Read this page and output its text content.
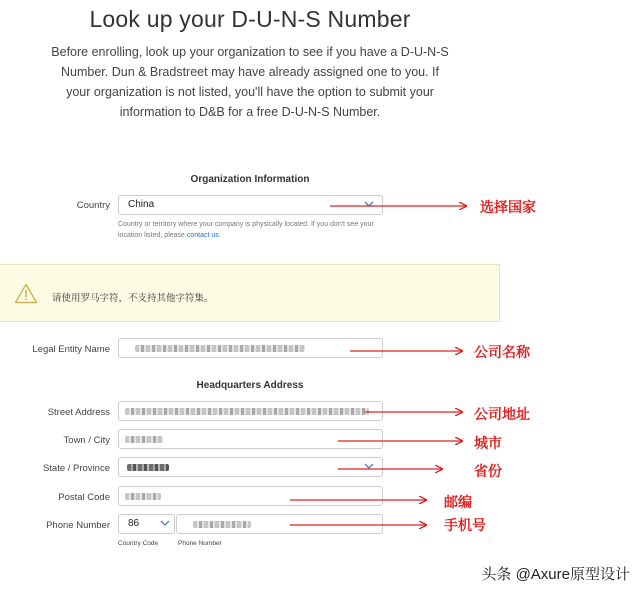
Look up your D-U-N-S Number
Before enrolling, look up your organization to see if you have a D-U-N-S Number. Dun & Bradstreet may have already assigned one to you. If your organization is not listed, you'll have the option to submit your information to D&B for a free D-U-N-S Number.
Organization Information
Country	China
Country or territory where your company is physically located. If you don't see your location listed, please contact us.
请使用罗马字符，不支持其他字符集。
Legal Entity Name
Headquarters Address
Street Address
Town / City
State / Province
Postal Code
Phone Number	86
Country Code	Phone Number
选择国家
公司名称
公司地址
城市
省份
邮编
手机号
头条 @Axure原型设计
